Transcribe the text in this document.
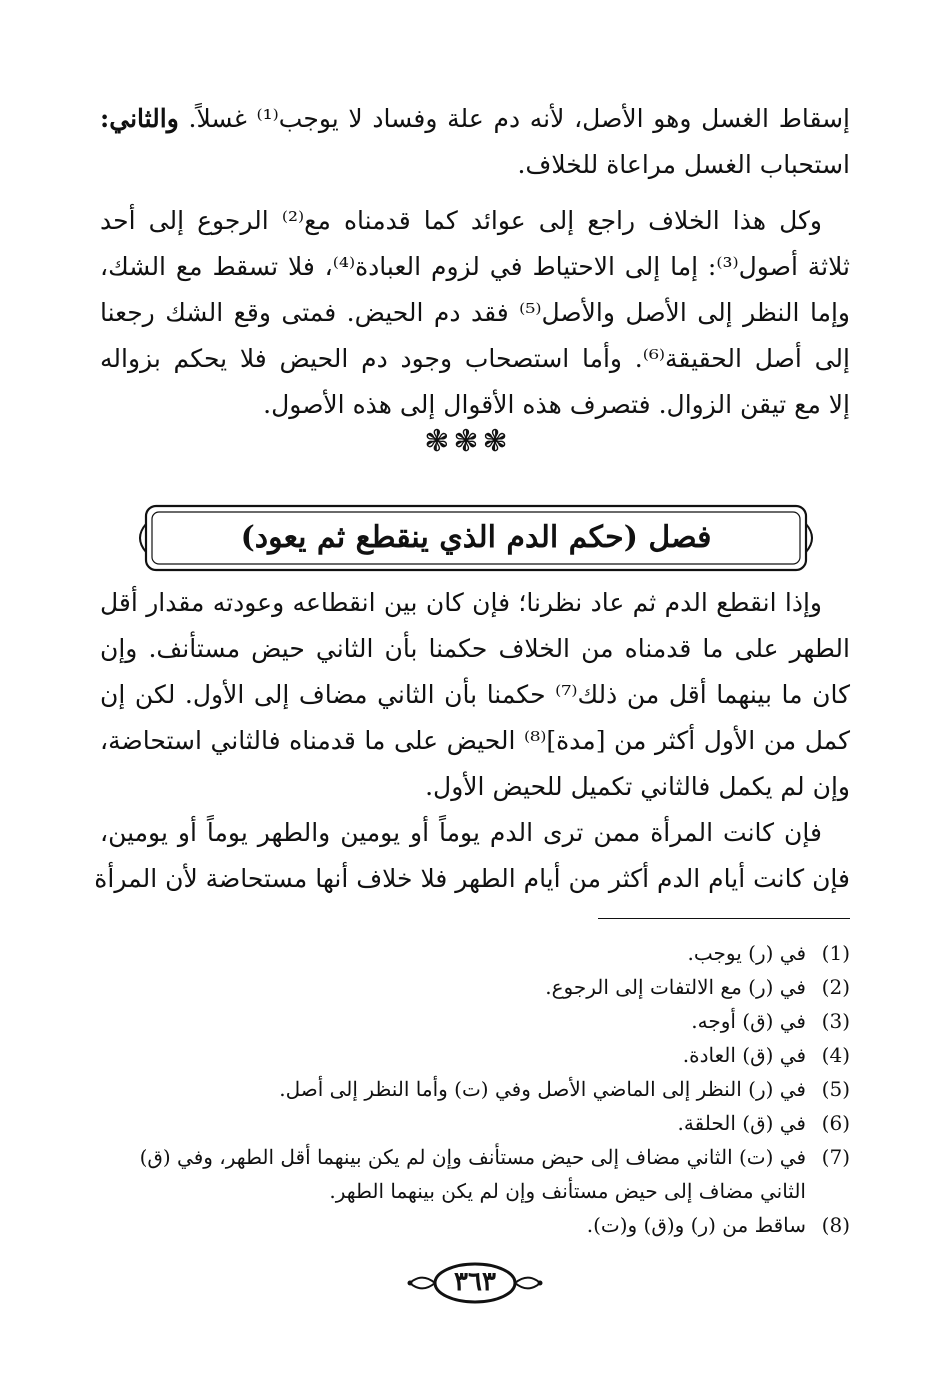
إسقاط الغسل وهو الأصل، لأنه دم علة وفساد لا يوجب⁽¹⁾ غسلاً. والثاني:
استحباب الغسل مراعاة للخلاف.
وكل هذا الخلاف راجع إلى عوائد كما قدمناه مع⁽²⁾ الرجوع إلى أحد
ثلاثة أصول⁽³⁾: إما إلى الاحتياط في لزوم العبادة⁽⁴⁾، فلا تسقط مع الشك،
وإما النظر إلى الأصل والأصل⁽⁵⁾ فقد دم الحيض. فمتى وقع الشك رجعنا
إلى أصل الحقيقة⁽⁶⁾. وأما استصحاب وجود دم الحيض فلا يحكم بزواله
إلا مع تيقن الزوال. فتصرف هذه الأقوال إلى هذه الأصول.
❃❃❃
فصل (حكم الدم الذي ينقطع ثم يعود)
وإذا انقطع الدم ثم عاد نظرنا؛ فإن كان بين انقطاعه وعودته مقدار أقل
الطهر على ما قدمناه من الخلاف حكمنا بأن الثاني حيض مستأنف. وإن
كان ما بينهما أقل من ذلك⁽⁷⁾ حكمنا بأن الثاني مضاف إلى الأول. لكن إن
كمل من الأول أكثر من [مدة]⁽⁸⁾ الحيض على ما قدمناه فالثاني استحاضة،
وإن لم يكمل فالثاني تكميل للحيض الأول.
فإن كانت المرأة ممن ترى الدم يوماً أو يومين والطهر يوماً أو يومين،
فإن كانت أيام الدم أكثر من أيام الطهر فلا خلاف أنها مستحاضة لأن المرأة
(1)
في (ر) يوجب.
(2)
في (ر) مع الالتفات إلى الرجوع.
(3)
في (ق) أوجه.
(4)
في (ق) العادة.
(5)
في (ر) النظر إلى الماضي الأصل وفي (ت) وأما النظر إلى أصل.
(6)
في (ق) الحلقة.
(7)
في (ت) الثاني مضاف إلى حيض مستأنف وإن لم يكن بينهما أقل الطهر، وفي (ق)
الثاني مضاف إلى حيض مستأنف وإن لم يكن بينهما الطهر.
(8)
ساقط من (ر) و(ق) و(ت).
٣٦٣
